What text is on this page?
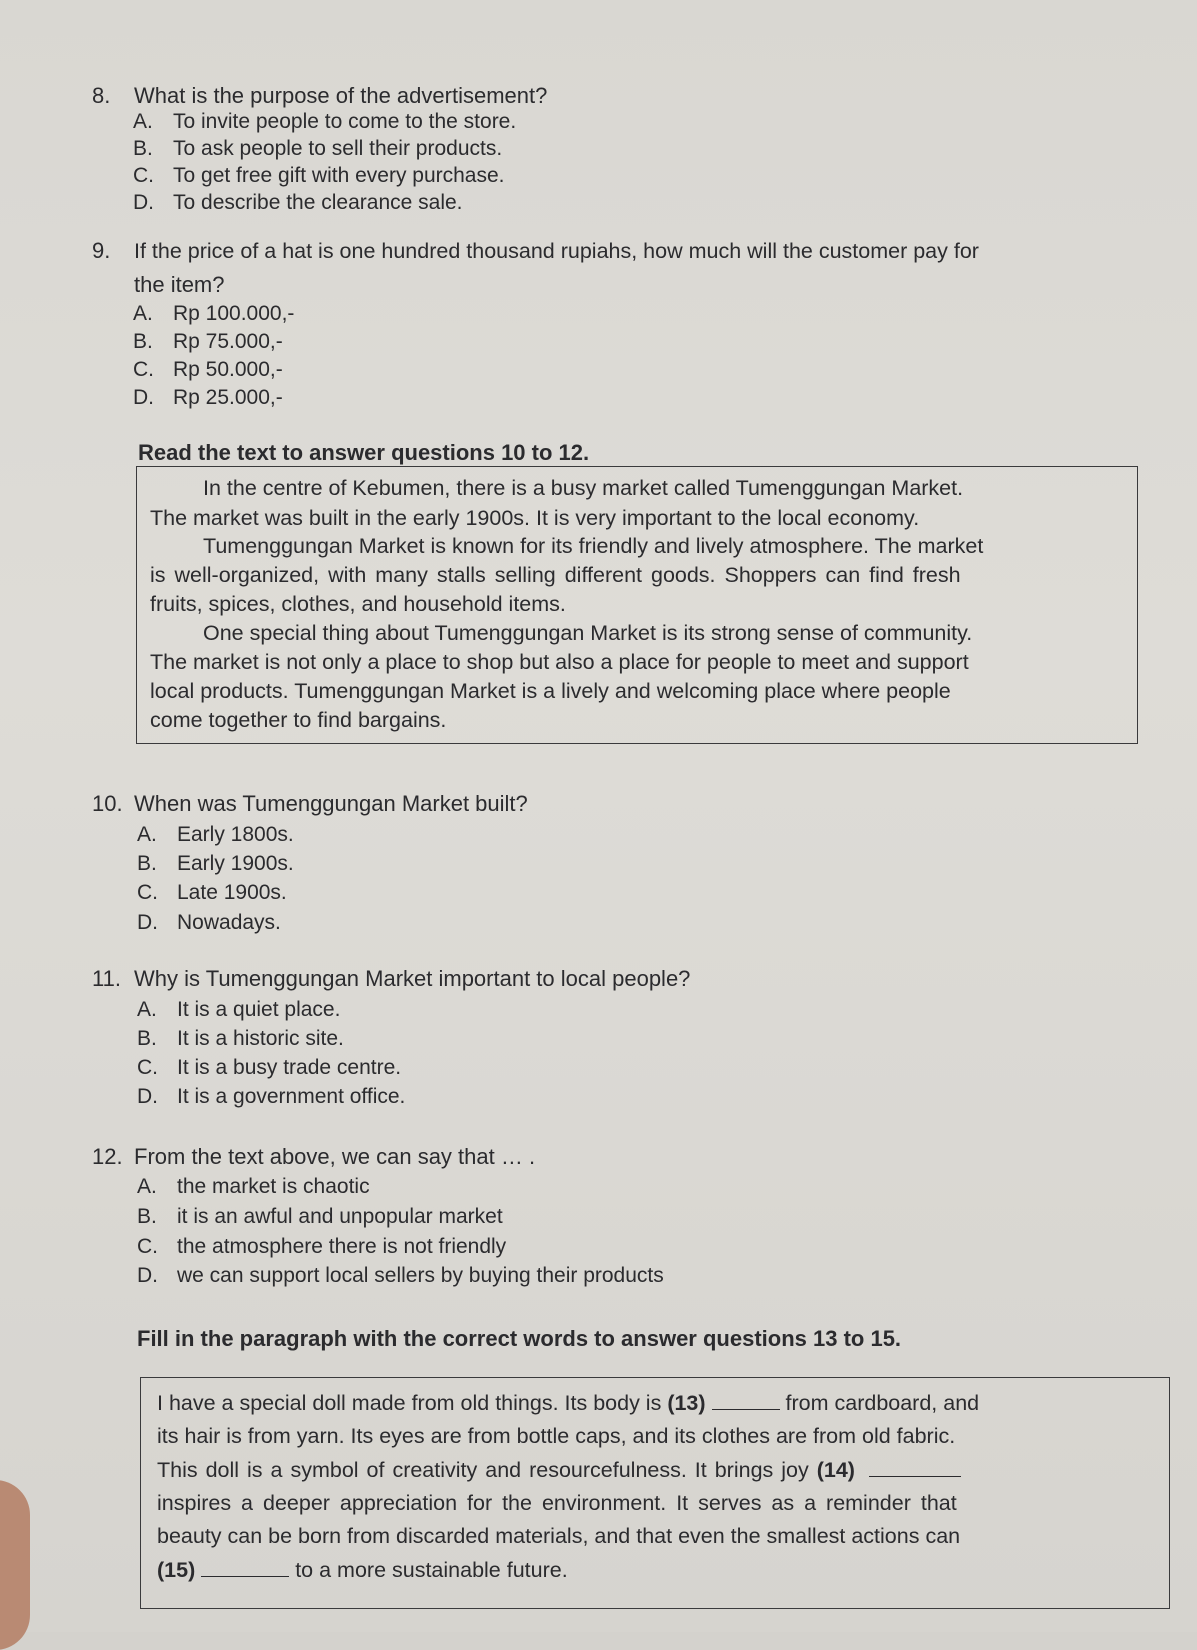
8. What is the purpose of the advertisement?
A. To invite people to come to the store.
B. To ask people to sell their products.
C. To get free gift with every purchase.
D. To describe the clearance sale.
9. If the price of a hat is one hundred thousand rupiahs, how much will the customer pay for
the item?
A. Rp 100.000,-
B. Rp 75.000,-
C. Rp 50.000,-
D. Rp 25.000,-
Read the text to answer questions 10 to 12.
In the centre of Kebumen, there is a busy market called Tumenggungan Market.
The market was built in the early 1900s. It is very important to the local economy.
Tumenggungan Market is known for its friendly and lively atmosphere. The market
is well-organized, with many stalls selling different goods. Shoppers can find fresh
fruits, spices, clothes, and household items.
One special thing about Tumenggungan Market is its strong sense of community.
The market is not only a place to shop but also a place for people to meet and support
local products. Tumenggungan Market is a lively and welcoming place where people
come together to find bargains.
10. When was Tumenggungan Market built?
A. Early 1800s.
B. Early 1900s.
C. Late 1900s.
D. Nowadays.
11. Why is Tumenggungan Market important to local people?
A. It is a quiet place.
B. It is a historic site.
C. It is a busy trade centre.
D. It is a government office.
12. From the text above, we can say that … .
A. the market is chaotic
B. it is an awful and unpopular market
C. the atmosphere there is not friendly
D. we can support local sellers by buying their products
Fill in the paragraph with the correct words to answer questions 13 to 15.
I have a special doll made from old things. Its body is (13)	from cardboard, and
its hair is from yarn. Its eyes are from bottle caps, and its clothes are from old fabric.
This doll is a symbol of creativity and resourcefulness. It brings joy (14)
inspires a deeper appreciation for the environment. It serves as a reminder that
beauty can be born from discarded materials, and that even the smallest actions can
(15)	to a more sustainable future.
